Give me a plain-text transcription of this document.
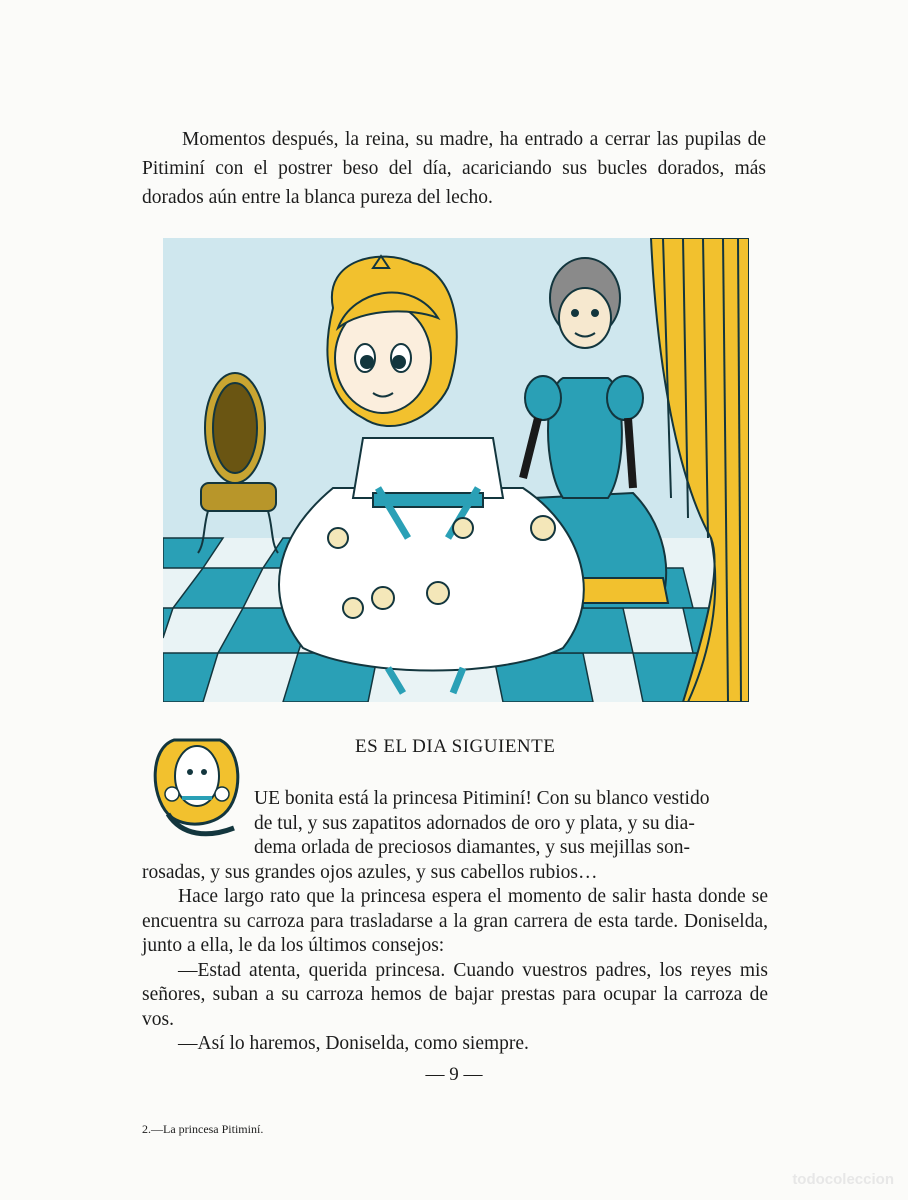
Momentos después, la reina, su madre, ha entrado a cerrar las pupilas de Pitiminí con el postrer beso del día, acariciando sus bucles dorados, más dorados aún entre la blanca pureza del lecho.
ES EL DIA SIGUIENTE

UE bonita está la princesa Pitiminí! Con su blanco vestido

de tul, y sus zapatitos adornados de oro y plata, y su dia-

dema orlada de preciosos diamantes, y sus mejillas son-

rosadas, y sus grandes ojos azules, y sus cabellos rubios…

Hace largo rato que la princesa espera el momento de salir hasta donde se encuentra su carroza para trasladarse a la gran carrera de esta tarde. Doniselda, junto a ella, le da los últimos consejos:

—Estad atenta, querida princesa. Cuando vuestros padres, los reyes mis señores, suban a su carroza hemos de bajar prestas para ocupar la carroza de vos.

—Así lo haremos, Doniselda, como siempre.

— 9 —
2.—La princesa Pitiminí.
todocoleccion
